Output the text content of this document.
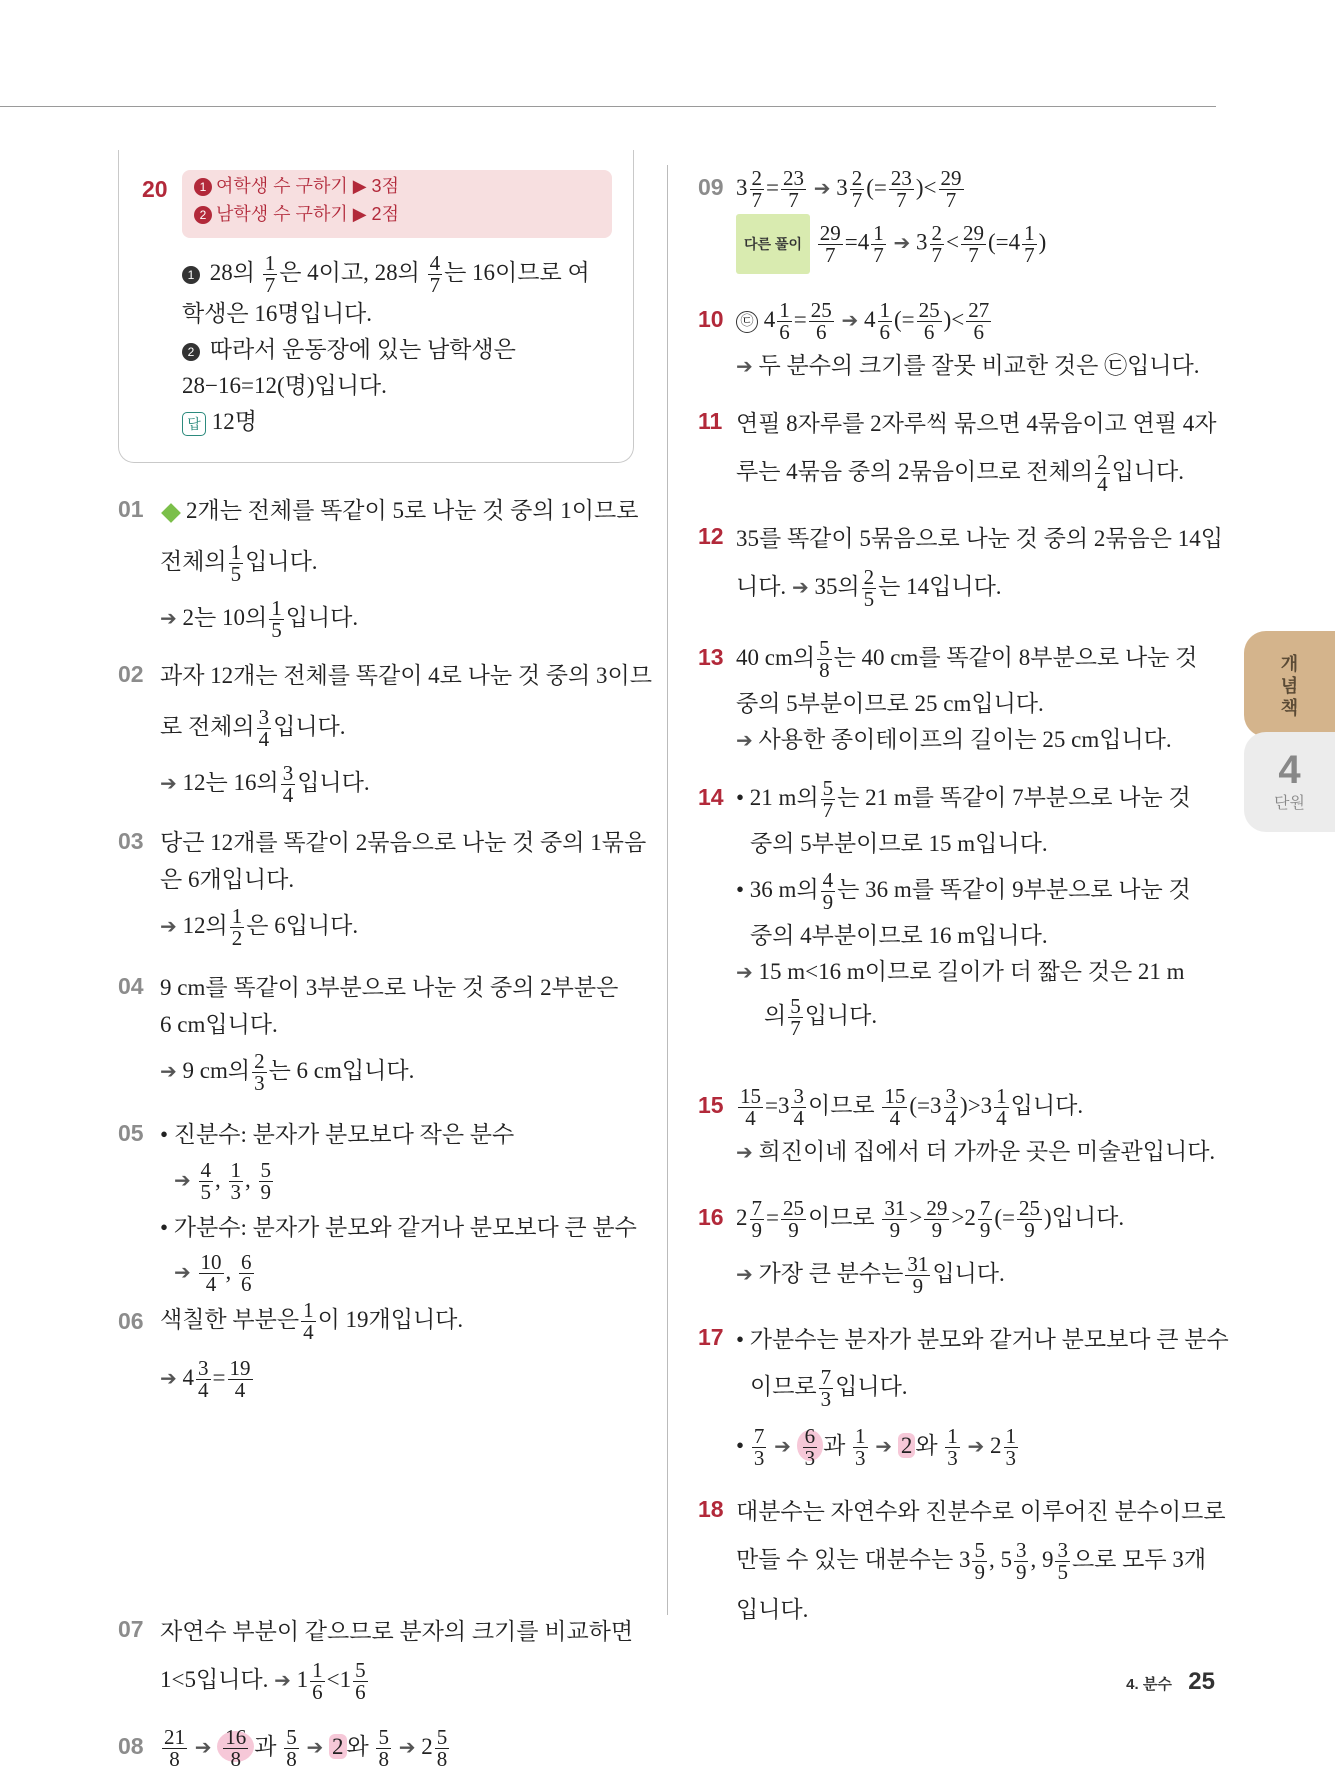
20	1 여학생 수 구하기 ▶ 3점
2 남학생 수 구하기 ▶ 2점
1 28의 $\frac{1}{7}$ 은 4이고, 28의 $\frac{4}{7}$ 는 16이므로 여
학생은 16명입니다.
2 따라서 운동장에 있는 남학생은
28−16=12(명)입니다.
답 12명
01	2개는 전체를 똑같이 5로 나눈 것 중의 1이므로
전체의 $\frac{1}{5}$ 입니다.
➔ 2는 10의 $\frac{1}{5}$ 입니다.
02 과자 12개는 전체를 똑같이 4로 나눈 것 중의 3이므
로 전체의 $\frac{3}{4}$ 입니다.
➔ 12는 16의 $\frac{3}{4}$ 입니다.
03 당근 12개를 똑같이 2묶음으로 나눈 것 중의 1묶음
은 6개입니다.
➔ 12의 $\frac{1}{2}$ 은 6입니다.
04 9 cm를 똑같이 3부분으로 나눈 것 중의 2부분은
6 cm입니다.
➔ 9 cm의 $\frac{2}{3}$ 는 6 cm입니다.
05 • 진분수: 분자가 분모보다 작은 분수
➔ $\frac{4}{5}$ , $\frac{1}{3}$ , $\frac{5}{9}$
• 가분수: 분자가 분모와 같거나 분모보다 큰 분수
➔ $\frac{10}{4}$ , $\frac{6}{6}$
06 색칠한 부분은 $\frac{1}{4}$ 이 19개입니다.
➔ $4 \frac{3}{4} = \frac{19}{4}$
07 자연수 부분이 같으므로 분자의 크기를 비교하면
1<5입니다. ➔ $1 \frac{1}{6} <1 \frac{5}{6}$
$08 \frac{21}{8}$ ➔ $\frac{16}{8}$ 과 $\frac{5}{8}$ ➔ 2 와 $\frac{5}{8}$ ➔ $2 \frac{5}{8}$
09 $3 \frac{2}{7} = \frac{23}{7}$ ➔ $3 \frac{2}{7}$ (= $\frac{23}{7}$ )< $\frac{29}{7}$
다른 풀이 $\frac{29}{7} =4 \frac{1}{7}$ ➔ $3 \frac{2}{7} < \frac{29}{7} (=4 \frac{1}{7}$ )
10	㉢ $4 \frac{1}{6} = \frac{25}{6}$ ➔ $4 \frac{1}{6}$ (= $\frac{25}{6}$ )< $\frac{27}{6}$
➔ 두 분수의 크기를 잘못 비교한 것은 ㉢입니다.
11 연필 8자루를 2자루씩 묶으면 4묶음이고 연필 4자
루는 4묶음 중의 2묶음이므로 전체의 $\frac{2}{4}$ 입니다.
12 35를 똑같이 5묶음으로 나눈 것 중의 2묶음은 14입
니다. ➔ 35의 $\frac{2}{5}$ 는 14입니다.
13 40 cm의 $\frac{5}{8}$ 는 40 cm를 똑같이 8부분으로 나눈 것
중의 5부분이므로 25 cm입니다.
➔ 사용한 종이테이프의 길이는 25 cm입니다.
14 • 21 m의 $\frac{5}{7}$ 는 21 m를 똑같이 7부분으로 나눈 것
중의 5부분이므로 15 m입니다.
• 36 m의 $\frac{4}{9}$ 는 36 m를 똑같이 9부분으로 나눈 것
중의 4부분이므로 16 m입니다.
➔ 15 m<16 m이므로 길이가 더 짧은 것은 21 m
의 $\frac{5}{7}$ 입니다.
$15 \frac{15}{4} =3 \frac{3}{4}$ 이므로 $\frac{15}{4} (=3 \frac{3}{4} )>3 \frac{1}{4}$ 입니다.
➔ 희진이네 집에서 더 가까운 곳은 미술관입니다.
16 $2 \frac{7}{9} = \frac{25}{9}$ 이므로 $\frac{31}{9} > \frac{29}{9} >2 \frac{7}{9}$ (= $\frac{25}{9}$ )입니다.
➔ 가장 큰 분수는 $\frac{31}{9}$ 입니다.
17 • 가분수는 분자가 분모와 같거나 분모보다 큰 분수
이므로 $\frac{7}{3}$ 입니다.
• $\frac{7}{3}$ ➔ $\frac{6}{3}$ 과 $\frac{1}{3}$ ➔ 2 와 $\frac{1}{3}$ ➔ $2 \frac{1}{3}$
18 대분수는 자연수와 진분수로 이루어진 분수이므로
만들 수 있는 대분수는 $3 \frac{5}{9}$ , $5 \frac{3}{9}$ , $9 \frac{3}{5}$ 으로 모두 3개
입니다.
개념책
4
단원
4. 분수 25
